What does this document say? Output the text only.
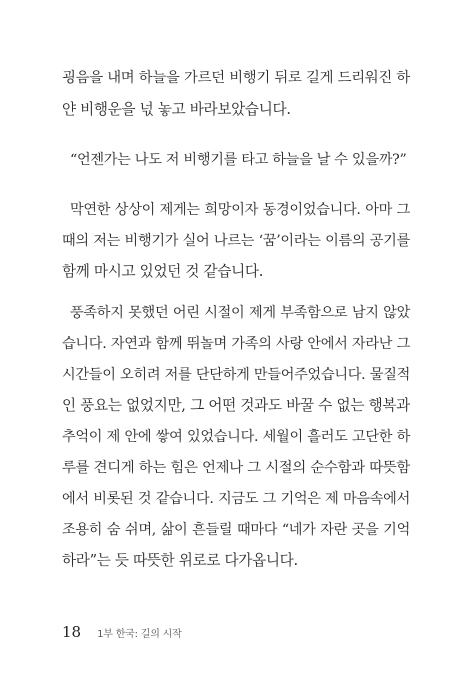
굉음을 내며 하늘을 가르던 비행기 뒤로 길게 드리워진 하
얀 비행운을 넋 놓고 바라보았습니다.
“언젠가는 나도 저 비행기를 타고 하늘을 날 수 있을까?”
막연한 상상이 제게는 희망이자 동경이었습니다. 아마 그
때의 저는 비행기가 실어 나르는 ‘꿈’이라는 이름의 공기를
함께 마시고 있었던 것 같습니다.
풍족하지 못했던 어린 시절이 제게 부족함으로 남지 않았
습니다. 자연과 함께 뛰놀며 가족의 사랑 안에서 자라난 그
시간들이 오히려 저를 단단하게 만들어주었습니다. 물질적
인 풍요는 없었지만, 그 어떤 것과도 바꿀 수 없는 행복과
추억이 제 안에 쌓여 있었습니다. 세월이 흘러도 고단한 하
루를 견디게 하는 힘은 언제나 그 시절의 순수함과 따뜻함
에서 비롯된 것 같습니다. 지금도 그 기억은 제 마음속에서
조용히 숨 쉬며, 삶이 흔들릴 때마다 “네가 자란 곳을 기억
하라”는 듯 따뜻한 위로로 다가옵니다.
18 1부 한국: 길의 시작
